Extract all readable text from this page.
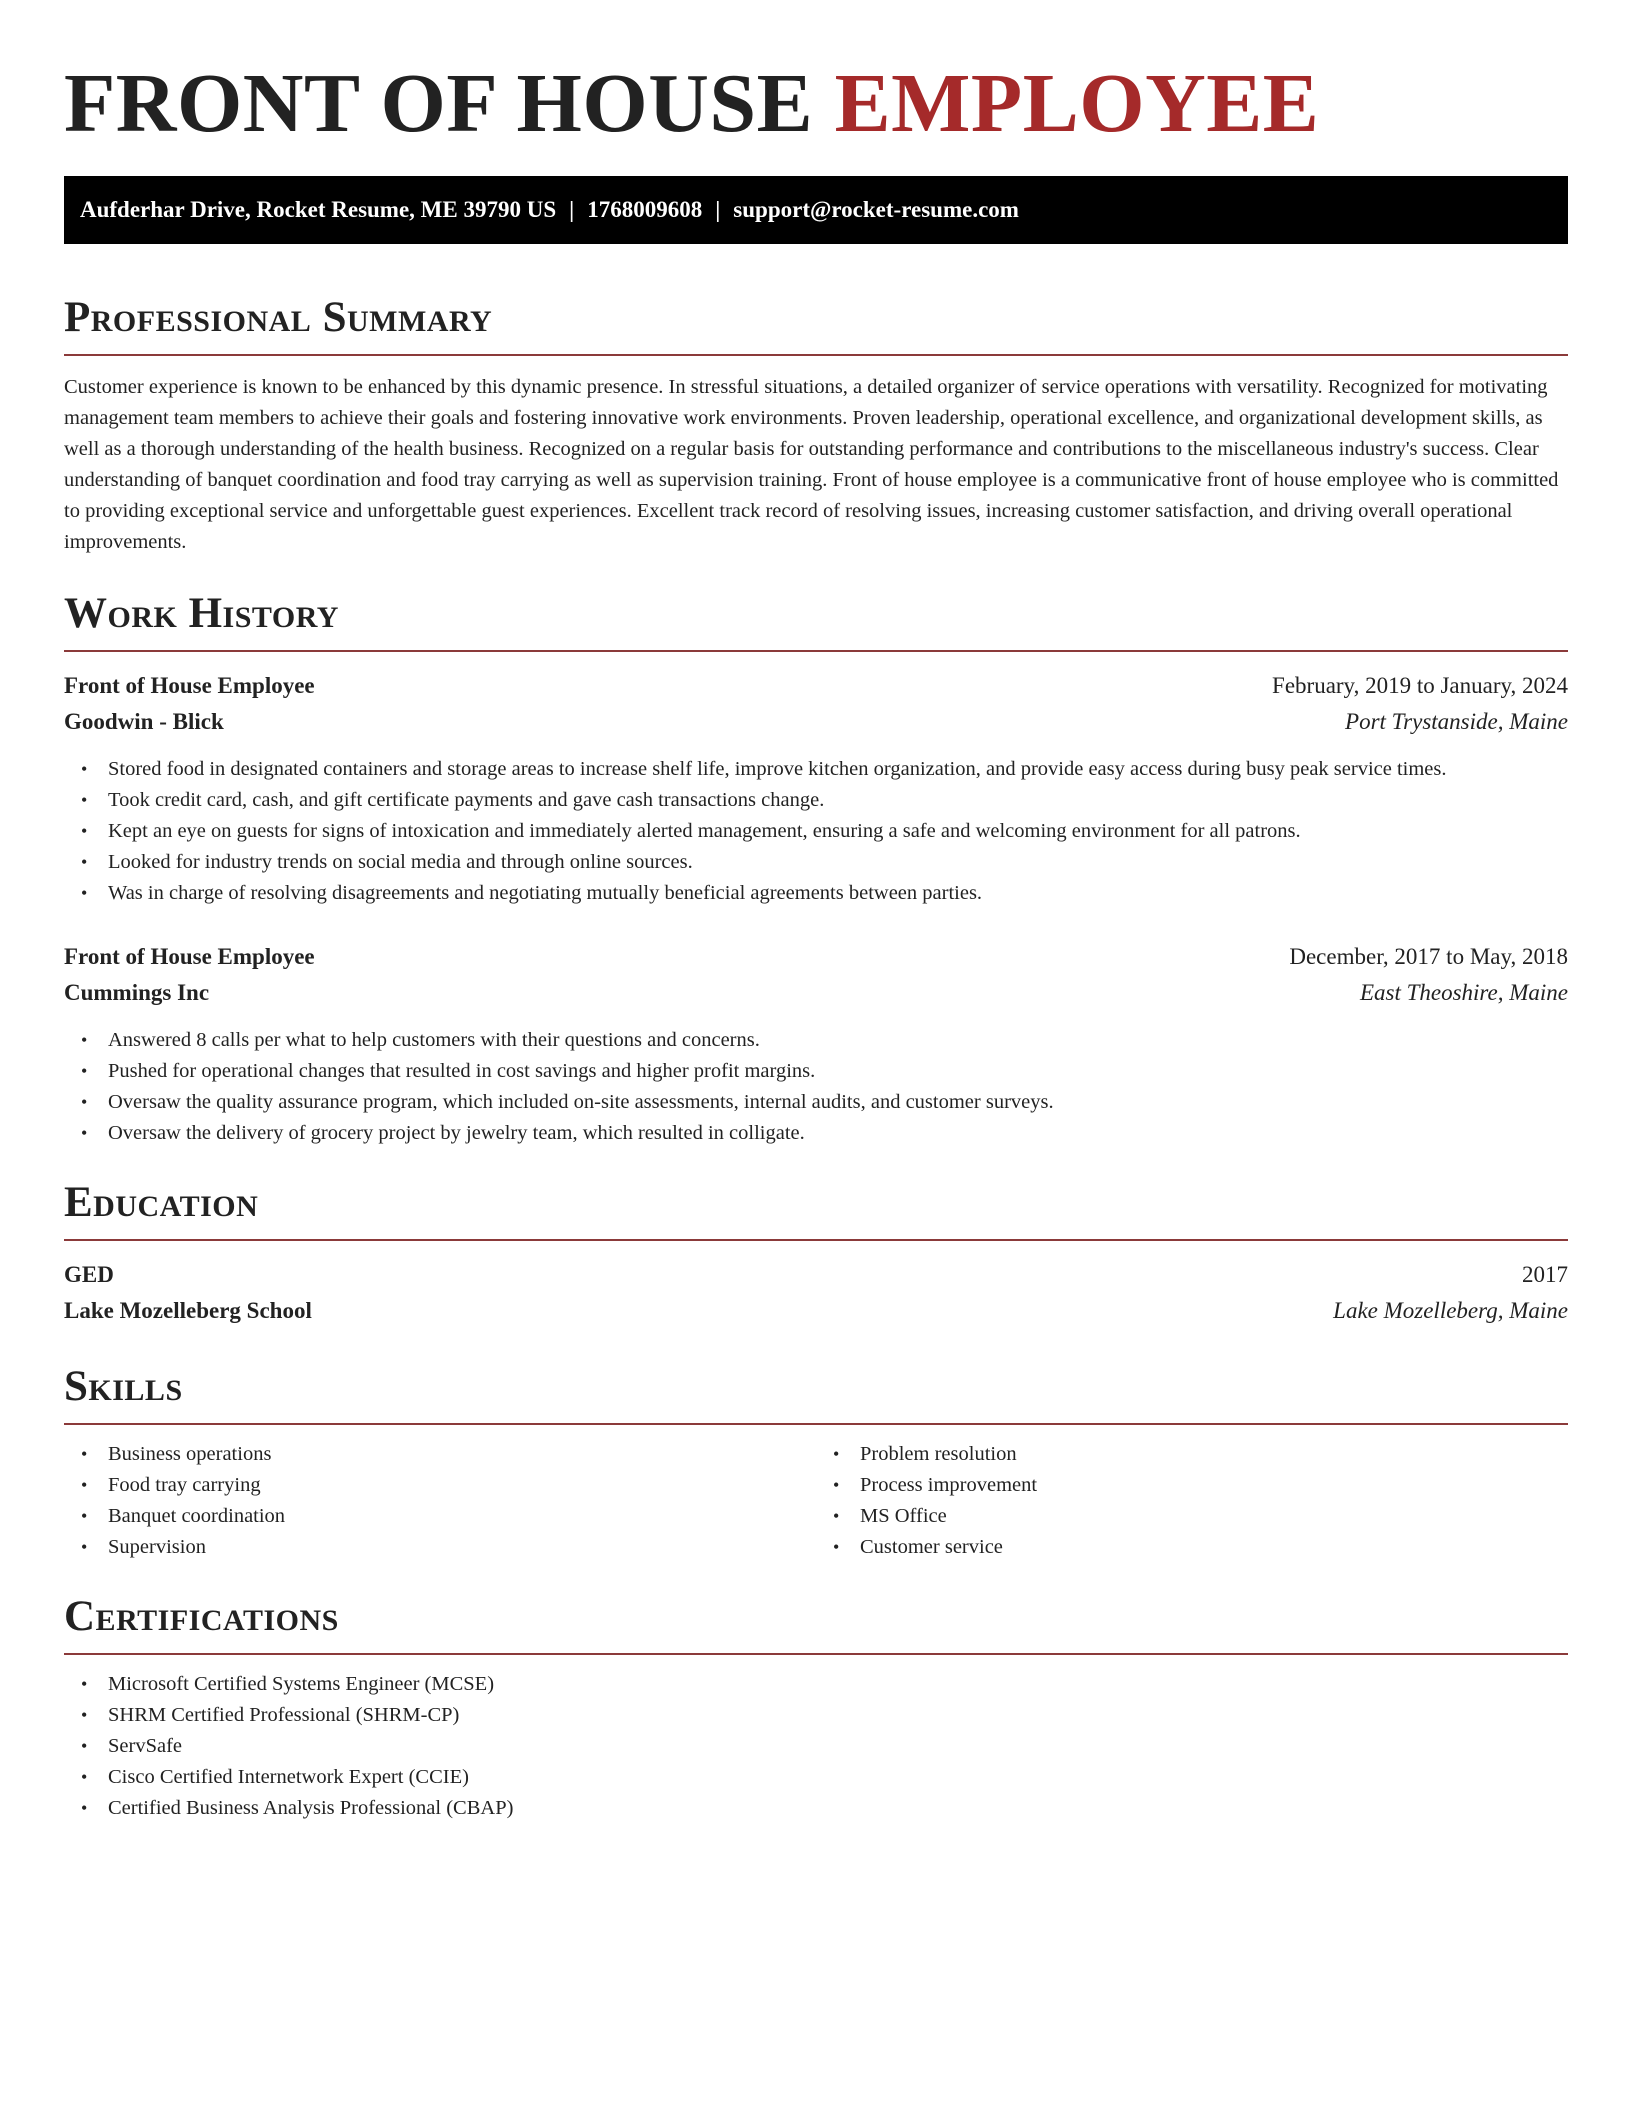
FRONT OF HOUSE EMPLOYEE
Aufderhar Drive, Rocket Resume, ME 39790 US | 1768009608 | support@rocket-resume.com
Professional Summary

Customer experience is known to be enhanced by this dynamic presence. In stressful situations, a detailed organizer of service operations with versatility. Recognized for motivating management team members to achieve their goals and fostering innovative work environments. Proven leadership, operational excellence, and organizational development skills, as well as a thorough understanding of the health business. Recognized on a regular basis for outstanding performance and contributions to the miscellaneous industry's success. Clear understanding of banquet coordination and food tray carrying as well as supervision training. Front of house employee is a communicative front of house employee who is committed to providing exceptional service and unforgettable guest experiences. Excellent track record of resolving issues, increasing customer satisfaction, and driving overall operational improvements.

Work History
Front of House Employee	February, 2019 to January, 2024
Goodwin - Blick	Port Trystanside, Maine
• Stored food in designated containers and storage areas to increase shelf life, improve kitchen organization, and provide easy access during busy peak service times.
• Took credit card, cash, and gift certificate payments and gave cash transactions change.
• Kept an eye on guests for signs of intoxication and immediately alerted management, ensuring a safe and welcoming environment for all patrons.
• Looked for industry trends on social media and through online sources.
• Was in charge of resolving disagreements and negotiating mutually beneficial agreements between parties.
Front of House Employee	December, 2017 to May, 2018
Cummings Inc	East Theoshire, Maine
• Answered 8 calls per what to help customers with their questions and concerns.
• Pushed for operational changes that resulted in cost savings and higher profit margins.
• Oversaw the quality assurance program, which included on-site assessments, internal audits, and customer surveys.
• Oversaw the delivery of grocery project by jewelry team, which resulted in colligate.
Education
GED	2017
Lake Mozelleberg School	Lake Mozelleberg, Maine
Skills
• Business operations
• Food tray carrying
• Banquet coordination
• Supervision
• Problem resolution
• Process improvement
• MS Office
• Customer service
Certifications
• Microsoft Certified Systems Engineer (MCSE)
• SHRM Certified Professional (SHRM-CP)
• ServSafe
• Cisco Certified Internetwork Expert (CCIE)
• Certified Business Analysis Professional (CBAP)
